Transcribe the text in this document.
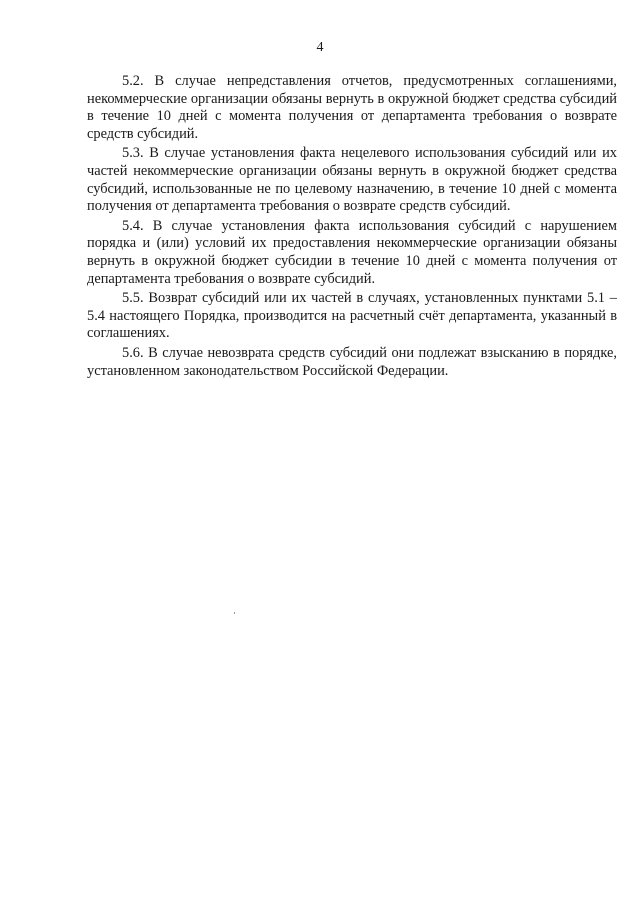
4

5.2. В случае непредставления отчетов, предусмотренных соглашениями, некоммерческие организации обязаны вернуть в окружной бюджет средства субсидий в течение 10 дней с момента получения от департамента требования о возврате средств субсидий.

5.3. В случае установления факта нецелевого использования субсидий или их частей некоммерческие организации обязаны вернуть в окружной бюджет средства субсидий, использованные не по целевому назначению, в течение 10 дней с момента получения от департамента требования о возврате средств субсидий.

5.4. В случае установления факта использования субсидий с нарушением порядка и (или) условий их предоставления некоммерческие организации обязаны вернуть в окружной бюджет субсидии в течение 10 дней с момента получения от департамента требования о возврате субсидий.

5.5. Возврат субсидий или их частей в случаях, установленных пунктами 5.1 – 5.4 настоящего Порядка, производится на расчетный счёт департамента, указанный в соглашениях.

5.6. В случае невозврата средств субсидий они подлежат взысканию в порядке, установленном законодательством Российской Федерации.
